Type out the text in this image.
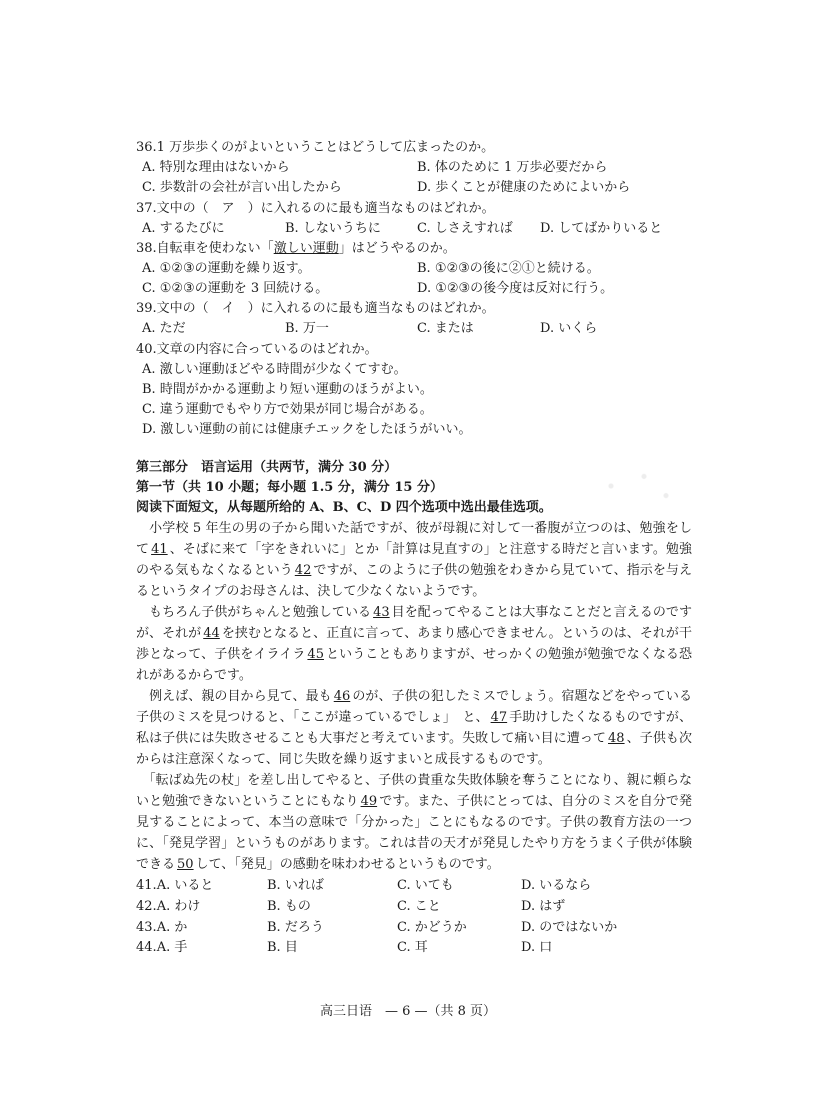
36.1 万歩歩くのがよいということはどうして広まったのか。
A. 特別な理由はないから	B. 体のために 1 万歩必要だから
C. 歩数計の会社が言い出したから	D. 歩くことが健康のためによいから
37.文中の（　ア　）に入れるのに最も適当なものはどれか。
A. するたびに	B. しないうちに	C. しさえすれば D. してばかりいると
38.自転車を使わない「激しい運動」はどうやるのか。
A. ①②③の運動を繰り返す。	B. ①②③の後に②①と続ける。
C. ①②③の運動を 3 回続ける。	D. ①②③の後今度は反対に行う。
39.文中の（　イ　）に入れるのに最も適当なものはどれか。
A. ただ	B. 万一	C. または	D. いくら
40.文章の内容に合っているのはどれか。
A. 激しい運動ほどやる時間が少なくてすむ。
B. 時間がかかる運動より短い運動のほうがよい。
C. 違う運動でもやり方で効果が同じ場合がある。
D. 激しい運動の前には健康チエックをしたほうがいい。
第三部分　语言运用（共两节，满分 30 分）
第一节（共 10 小题；每小题 1.5 分，满分 15 分）
阅读下面短文，从每题所给的 A、B、C、D 四个选项中选出最佳选项。
　小学校 5 年生の男の子から聞いた話ですが、彼が母親に対して一番腹が立つのは、勉強をして 41 、そばに来て「字をきれいに」とか「計算は見直すの」と注意する時だと言います。勉強のやる気もなくなるという 42 ですが、このように子供の勉強をわきから見ていて、指示を与えるというタイプのお母さんは、決して少なくないようです。
　もちろん子供がちゃんと勉強している 43 目を配ってやることは大事なことだと言えるのですが、それが 44 を挟むとなると、正直に言って、あまり感心できません。というのは、それが干渉となって、子供をイライラ 45 ということもありますが、せっかくの勉強が勉強でなくなる恐れがあるからです。
　例えば、親の目から見て、最も 46 のが、子供の犯したミスでしょう。宿題などをやっている子供のミスを見つけると、「ここが違っているでしょ」　と、 47 手助けしたくなるものですが、私は子供には失敗させることも大事だと考えています。失敗して痛い目に遭って 48 、子供も次からは注意深くなって、同じ失敗を繰り返すまいと成長するものです。
　「転ばぬ先の杖」を差し出してやると、子供の貴重な失敗体験を奪うことになり、親に頼らないと勉強できないということにもなり 49 です。また、子供にとっては、自分のミスを自分で発見することによって、本当の意味で「分かった」ことにもなるのです。子供の教育方法の一つに、「発見学習」というものがあります。これは昔の天才が発見したやり方をうまく子供が体験できる 50 して、「発見」の感動を味わわせるというものです。
41.A. いると	B. いれば	C. いても	D. いるなら
42.A. わけ	B. もの	C. こと	D. はず
43.A. か	B. だろう	C. かどうか	D. のではないか
44.A. 手	B. 目	C. 耳	D. 口
高三日语　— 6 —（共 8 页）
